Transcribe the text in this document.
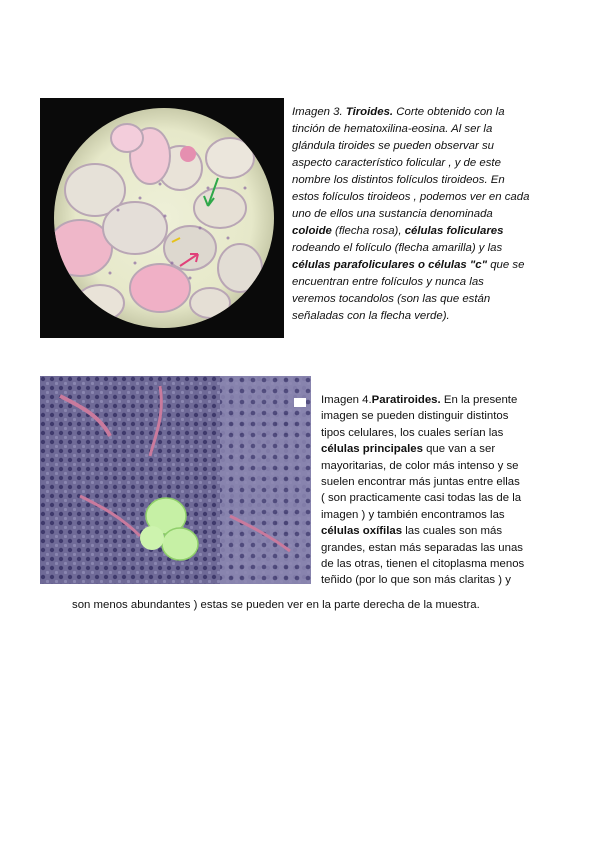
Imagen 3. Tiroides. Corte obtenido con la tinción de hematoxilina-eosina. Al ser la glándula tiroides se pueden observar su aspecto característico folicular , y de este nombre los distintos folículos tiroideos. En estos folículos tiroideos , podemos ver en cada uno de ellos una sustancia denominada coloide (flecha rosa), células foliculares rodeando el folículo (flecha amarilla) y las células parafoliculares o células "c" que se encuentran entre folículos y nunca las veremos tocandolos (son las que están señaladas con la flecha verde).
Imagen 4.Paratiroides. En la presente imagen se pueden distinguir distintos tipos celulares, los cuales serían las células principales que van a ser mayoritarias, de color más intenso y se suelen encontrar más juntas entre ellas ( son practicamente casi todas las de la imagen ) y también encontramos las células oxífilas las cuales son más grandes, estan más separadas las unas de las otras, tienen el citoplasma menos teñido (por lo que son más claritas ) y
son menos abundantes ) estas se pueden ver en la parte derecha de la muestra.
